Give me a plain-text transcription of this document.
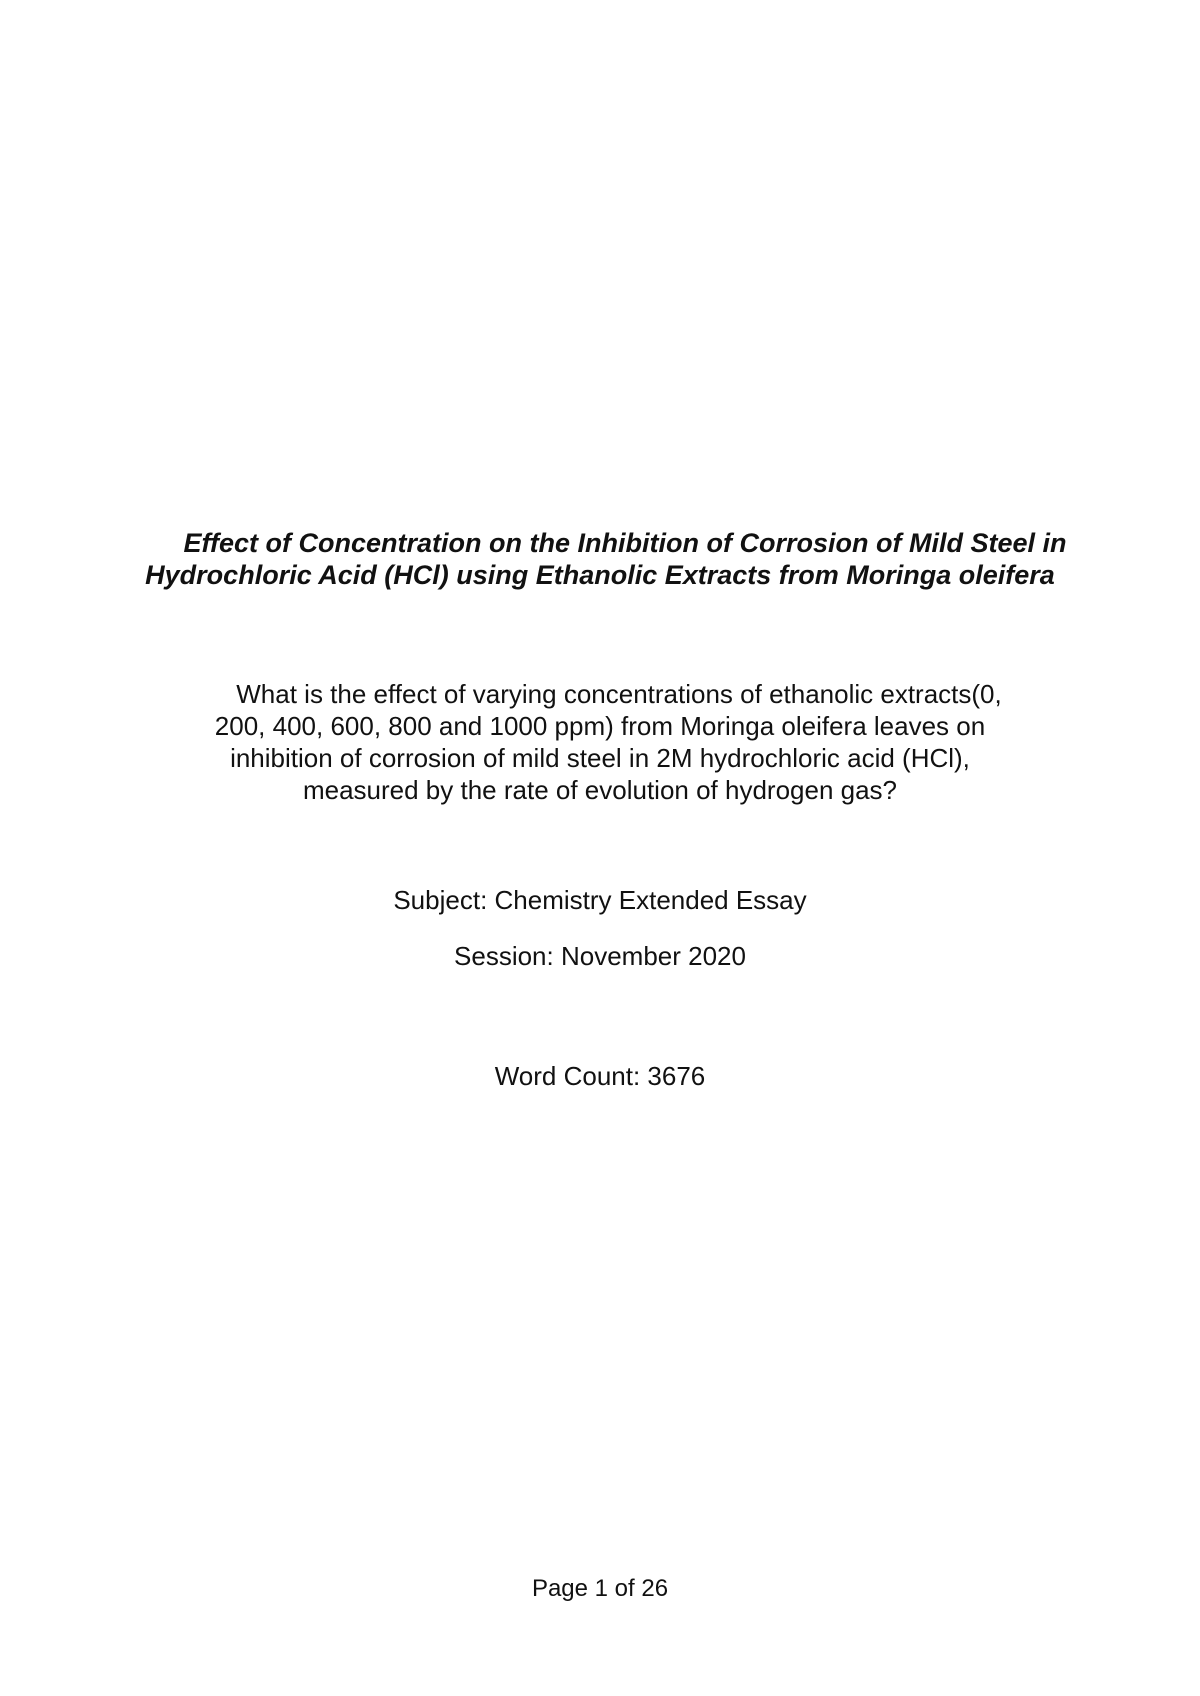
Effect of Concentration on the Inhibition of Corrosion of Mild Steel in
Hydrochloric Acid (HCl) using Ethanolic Extracts from Moringa oleifera

What is the effect of varying concentrations of ethanolic extracts(0,
200, 400, 600, 800 and 1000 ppm) from Moringa oleifera leaves on
inhibition of corrosion of mild steel in 2M hydrochloric acid (HCl),
measured by the rate of evolution of hydrogen gas?

Subject: Chemistry Extended Essay

Session: November 2020

Word Count: 3676

Page 1 of 26
